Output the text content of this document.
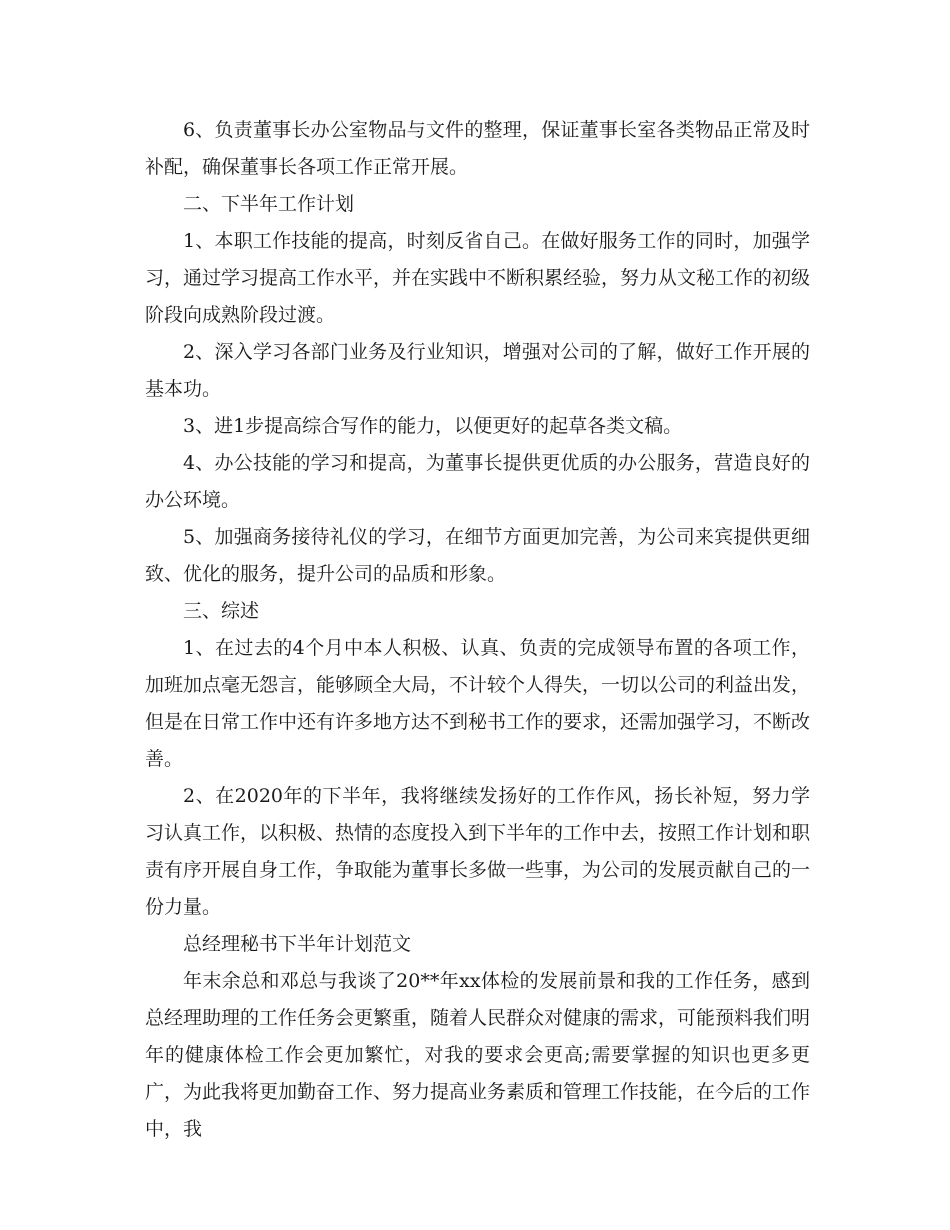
6、负责董事长办公室物品与文件的整理，保证董事长室各类物品正常及时补配，确保董事长各项工作正常开展。

二、下半年工作计划

1、本职工作技能的提高，时刻反省自己。在做好服务工作的同时，加强学习，通过学习提高工作水平，并在实践中不断积累经验，努力从文秘工作的初级阶段向成熟阶段过渡。

2、深入学习各部门业务及行业知识，增强对公司的了解，做好工作开展的基本功。

3、进1步提高综合写作的能力，以便更好的起草各类文稿。

4、办公技能的学习和提高，为董事长提供更优质的办公服务，营造良好的办公环境。

5、加强商务接待礼仪的学习，在细节方面更加完善，为公司来宾提供更细致、优化的服务，提升公司的品质和形象。

三、综述

1、在过去的4个月中本人积极、认真、负责的完成领导布置的各项工作，加班加点毫无怨言，能够顾全大局，不计较个人得失，一切以公司的利益出发，但是在日常工作中还有许多地方达不到秘书工作的要求，还需加强学习，不断改善。

2、在2020年的下半年，我将继续发扬好的工作作风，扬长补短，努力学习认真工作，以积极、热情的态度投入到下半年的工作中去，按照工作计划和职责有序开展自身工作，争取能为董事长多做一些事，为公司的发展贡献自己的一份力量。

总经理秘书下半年计划范文

年末余总和邓总与我谈了20**年xx体检的发展前景和我的工作任务，感到总经理助理的工作任务会更繁重，随着人民群众对健康的需求，可能预料我们明年的健康体检工作会更加繁忙，对我的要求会更高;需要掌握的知识也更多更广，为此我将更加勤奋工作、努力提高业务素质和管理工作技能，在今后的工作中，我
